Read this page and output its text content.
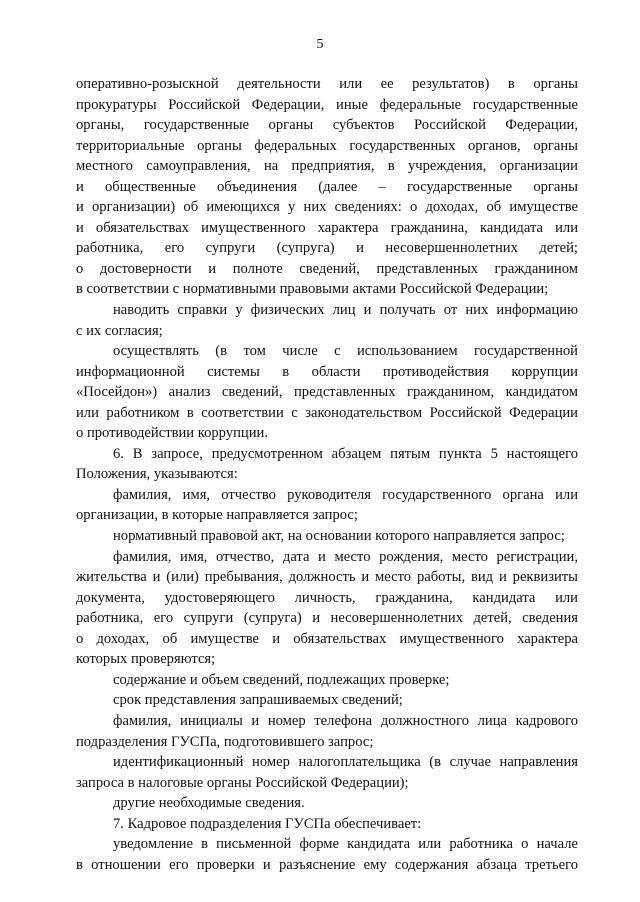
5
оперативно-розыскной деятельности или ее результатов) в органы
прокуратуры Российской Федерации, иные федеральные государственные
органы, государственные органы субъектов Российской Федерации,
территориальные органы федеральных государственных органов, органы
местного самоуправления, на предприятия, в учреждения, организации
и общественные объединения (далее – государственные органы
и организации) об имеющихся у них сведениях: о доходах, об имуществе
и обязательствах имущественного характера гражданина, кандидата или
работника, его супруги (супруга) и несовершеннолетних детей;
о достоверности и полноте сведений, представленных гражданином
в соответствии с нормативными правовыми актами Российской Федерации;
наводить справки у физических лиц и получать от них информацию
с их согласия;
осуществлять (в том числе с использованием государственной
информационной системы в области противодействия коррупции
«Посейдон») анализ сведений, представленных гражданином, кандидатом
или работником в соответствии с законодательством Российской Федерации
о противодействии коррупции.
6. В запросе, предусмотренном абзацем пятым пункта 5 настоящего
Положения, указываются:
фамилия, имя, отчество руководителя государственного органа или
организации, в которые направляется запрос;
нормативный правовой акт, на основании которого направляется запрос;
фамилия, имя, отчество, дата и место рождения, место регистрации,
жительства и (или) пребывания, должность и место работы, вид и реквизиты
документа, удостоверяющего личность, гражданина, кандидата или
работника, его супруги (супруга) и несовершеннолетних детей, сведения
о доходах, об имуществе и обязательствах имущественного характера
которых проверяются;
содержание и объем сведений, подлежащих проверке;
срок представления запрашиваемых сведений;
фамилия, инициалы и номер телефона должностного лица кадрового
подразделения ГУСПа, подготовившего запрос;
идентификационный номер налогоплательщика (в случае направления
запроса в налоговые органы Российской Федерации);
другие необходимые сведения.
7. Кадровое подразделения ГУСПа обеспечивает:
уведомление в письменной форме кандидата или работника о начале
в отношении его проверки и разъяснение ему содержания абзаца третьего
